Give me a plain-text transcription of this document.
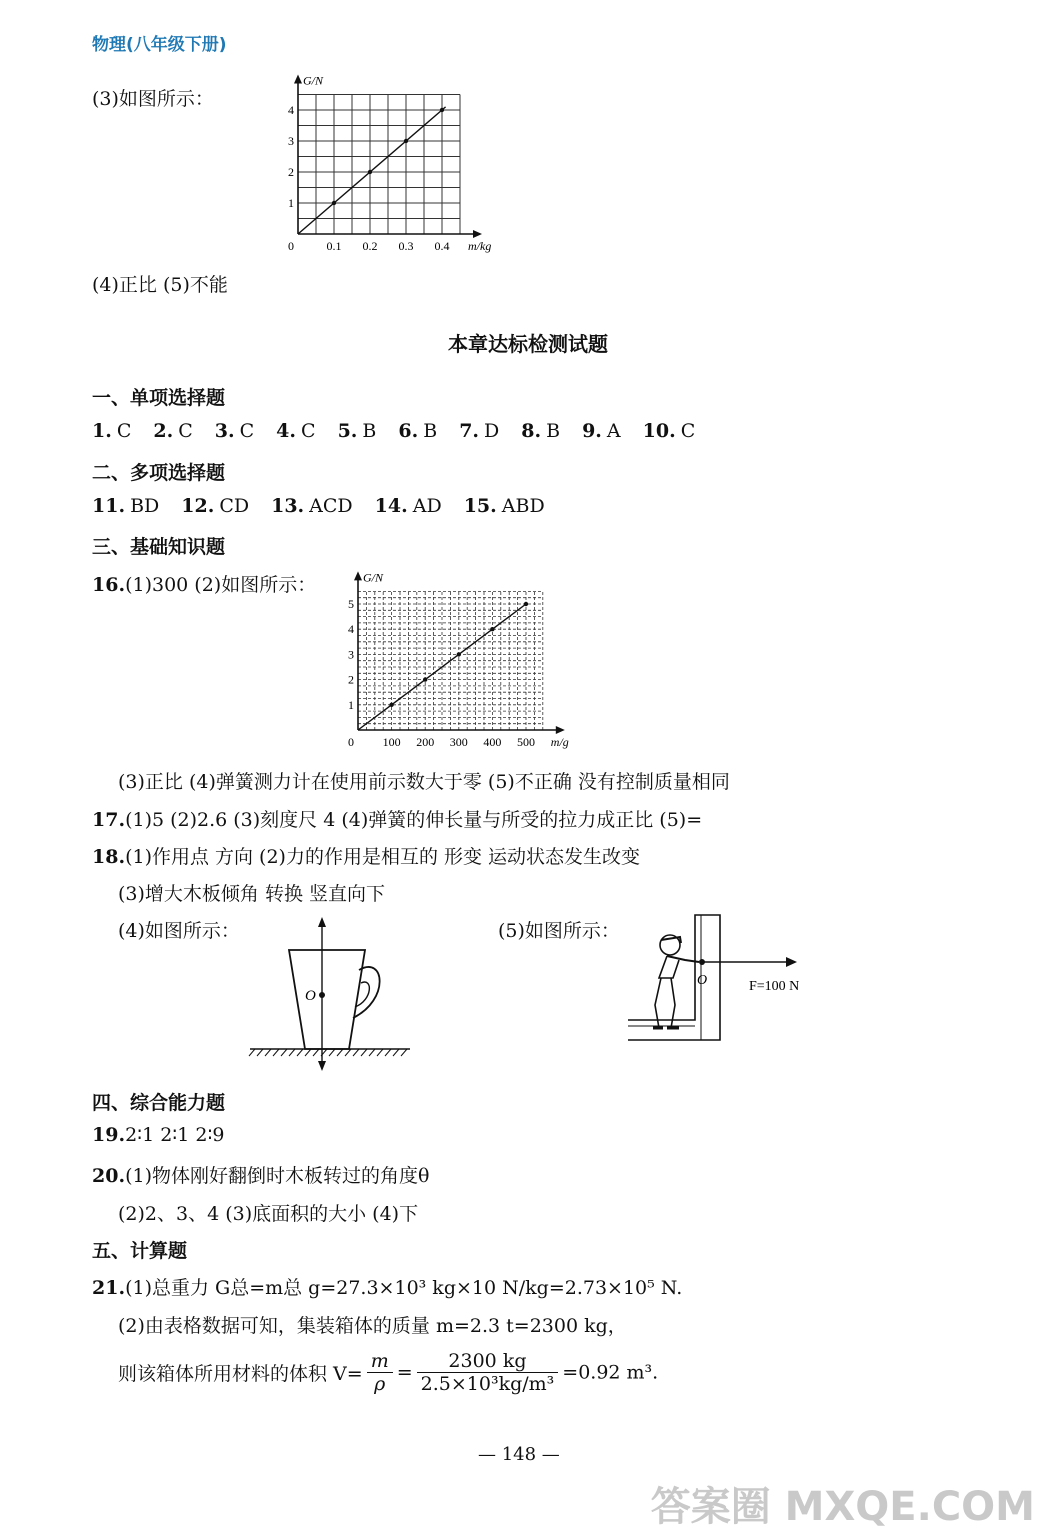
物理(八年级下册)
(3)如图所示：
G/N
m/kg
0	0.1 0.2 0.3 0.4
1
2
3
4
(4)正比 (5)不能
本章达标检测试题
一、单项选择题
1. C 2. C 3. C 4. C 5. B 6. B 7. D 8. B 9. A 10. C
二、多项选择题
11. BD 12. CD 13. ACD 14. AD 15. ABD
三、基础知识题
16.(1)300 (2)如图所示：	G/N
m/g
0 100 200 300 400 500
1
2
3
4
5
(3)正比 (4)弹簧测力计在使用前示数大于零 (5)不正确 没有控制质量相同
17.(1)5 (2)2.6 (3)刻度尺 4 (4)弹簧的伸长量与所受的拉力成正比 (5)=
18.(1)作用点 方向 (2)力的作用是相互的 形变 运动状态发生改变
(3)增大木板倾角 转换 竖直向下
(4)如图所示：	(5)如图所示：
O
O	F=100 N
四、综合能力题
19.2∶1 2∶1 2∶9
20.(1)物体刚好翻倒时木板转过的角度θ
(2)2、3、4 (3)底面积的大小 (4)下
五、计算题
21.(1)总重力 G总=m总 g=27.3×10³ kg×10 N/kg=2.73×10⁵ N.
(2)由表格数据可知，集装箱体的质量 m=2.3 t=2300 kg，
则该箱体所用材料的体积 $V= \frac{m}{\rho} = \frac{2300 kg}{\text{2.5×10³kg/m³}} =0.92$ m³.
— 148 —
答案圈 MXQE.COM
